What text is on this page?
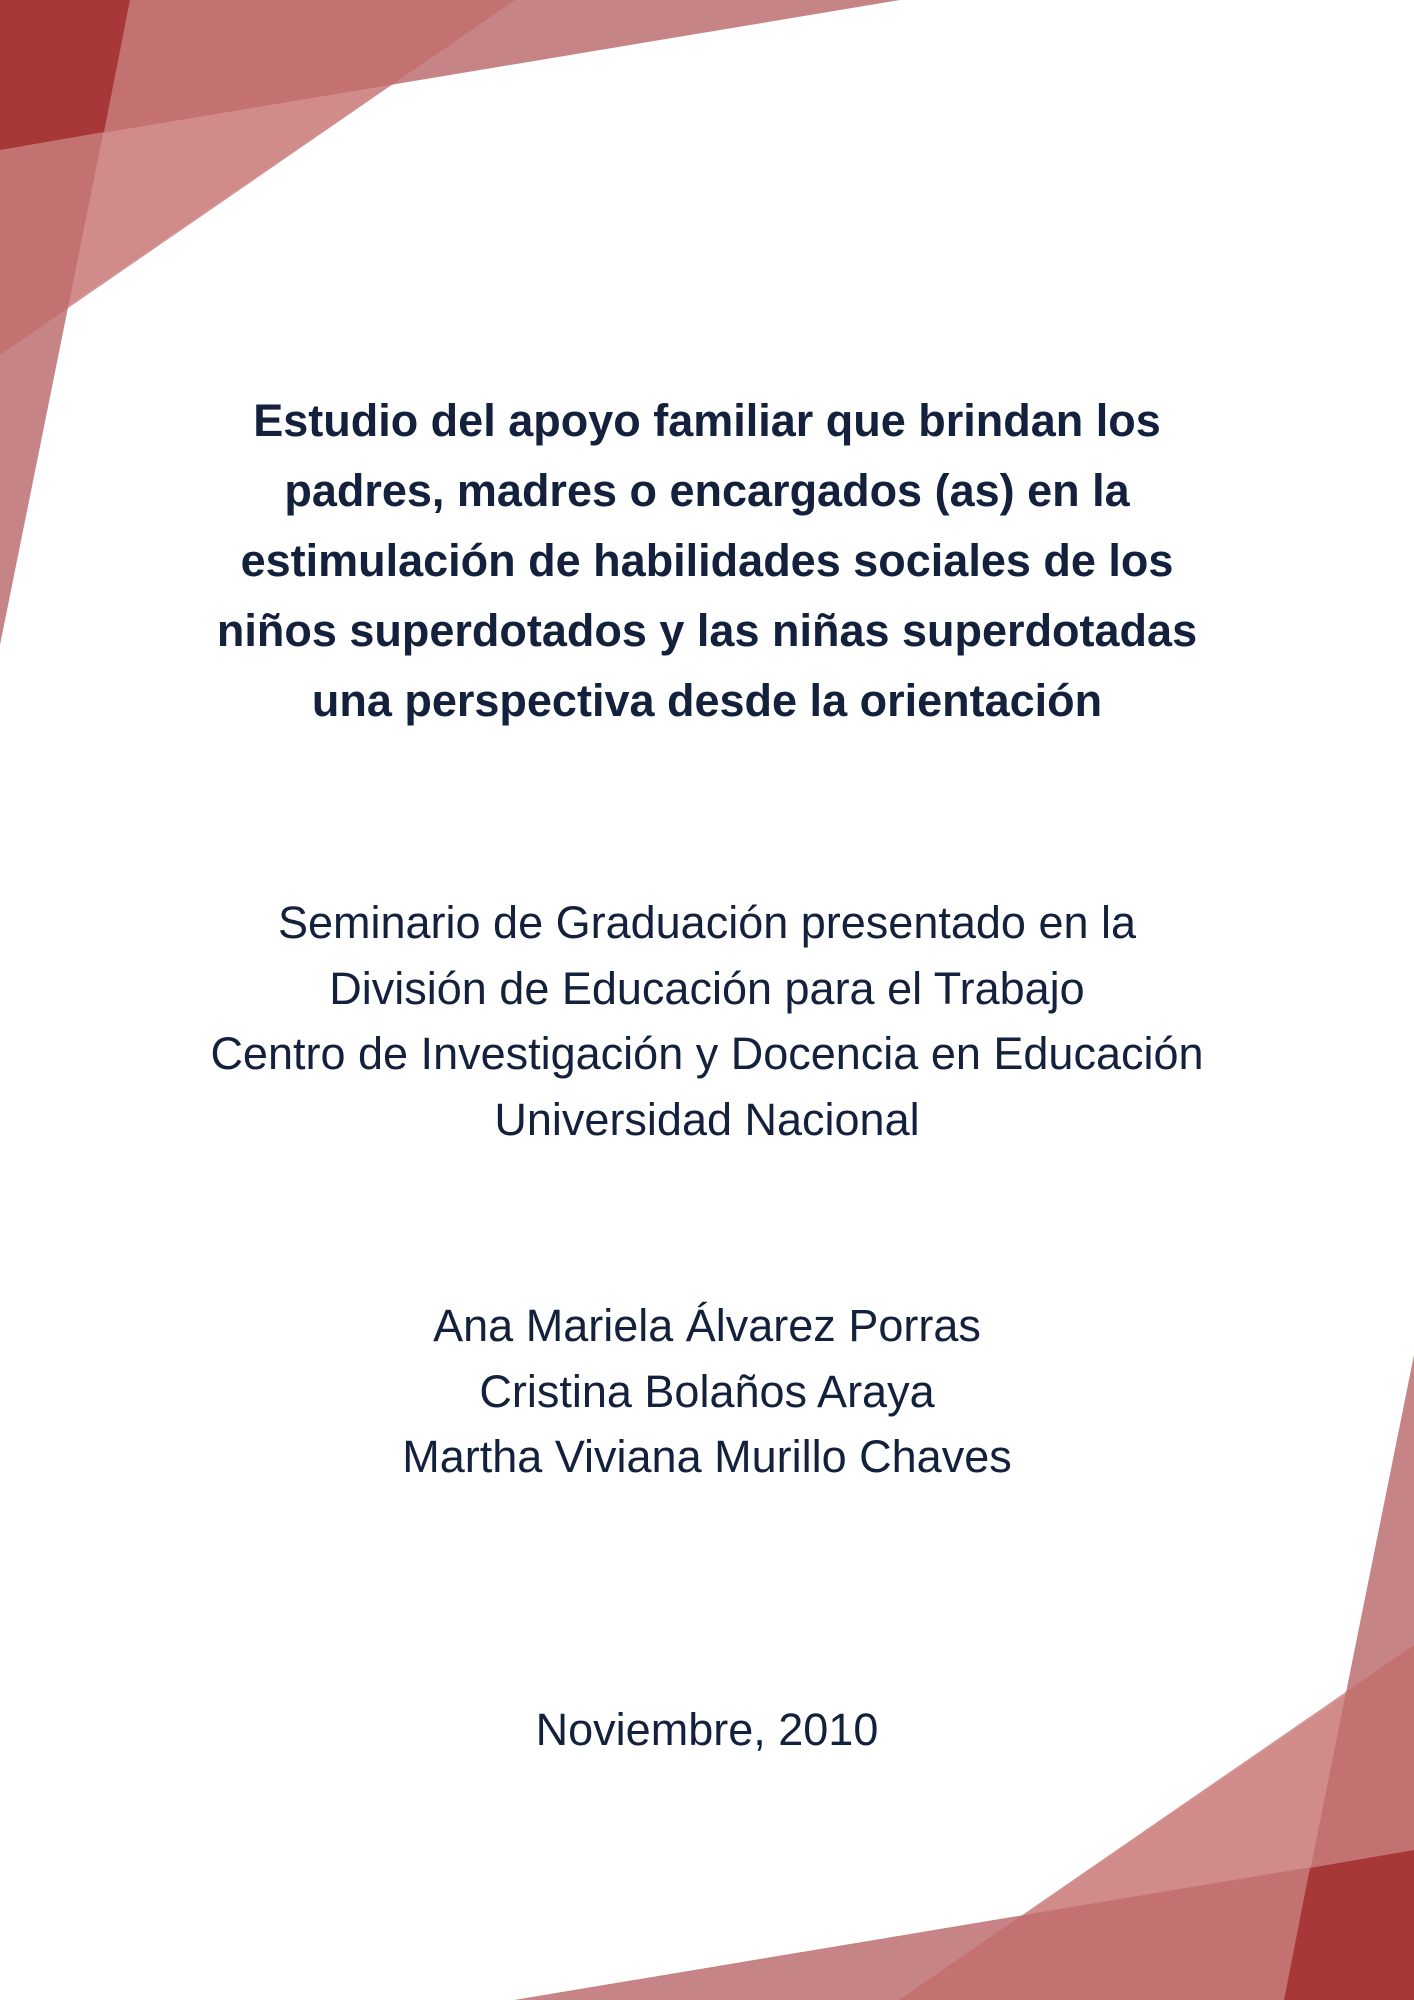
Estudio del apoyo familiar que brindan los
padres, madres o encargados (as) en la
estimulación de habilidades sociales de los
niños superdotados y las niñas superdotadas
una perspectiva desde la orientación
Seminario de Graduación presentado en la
División de Educación para el Trabajo
Centro de Investigación y Docencia en Educación
Universidad Nacional
Ana Mariela Álvarez Porras
Cristina Bolaños Araya
Martha Viviana Murillo Chaves
Noviembre, 2010
